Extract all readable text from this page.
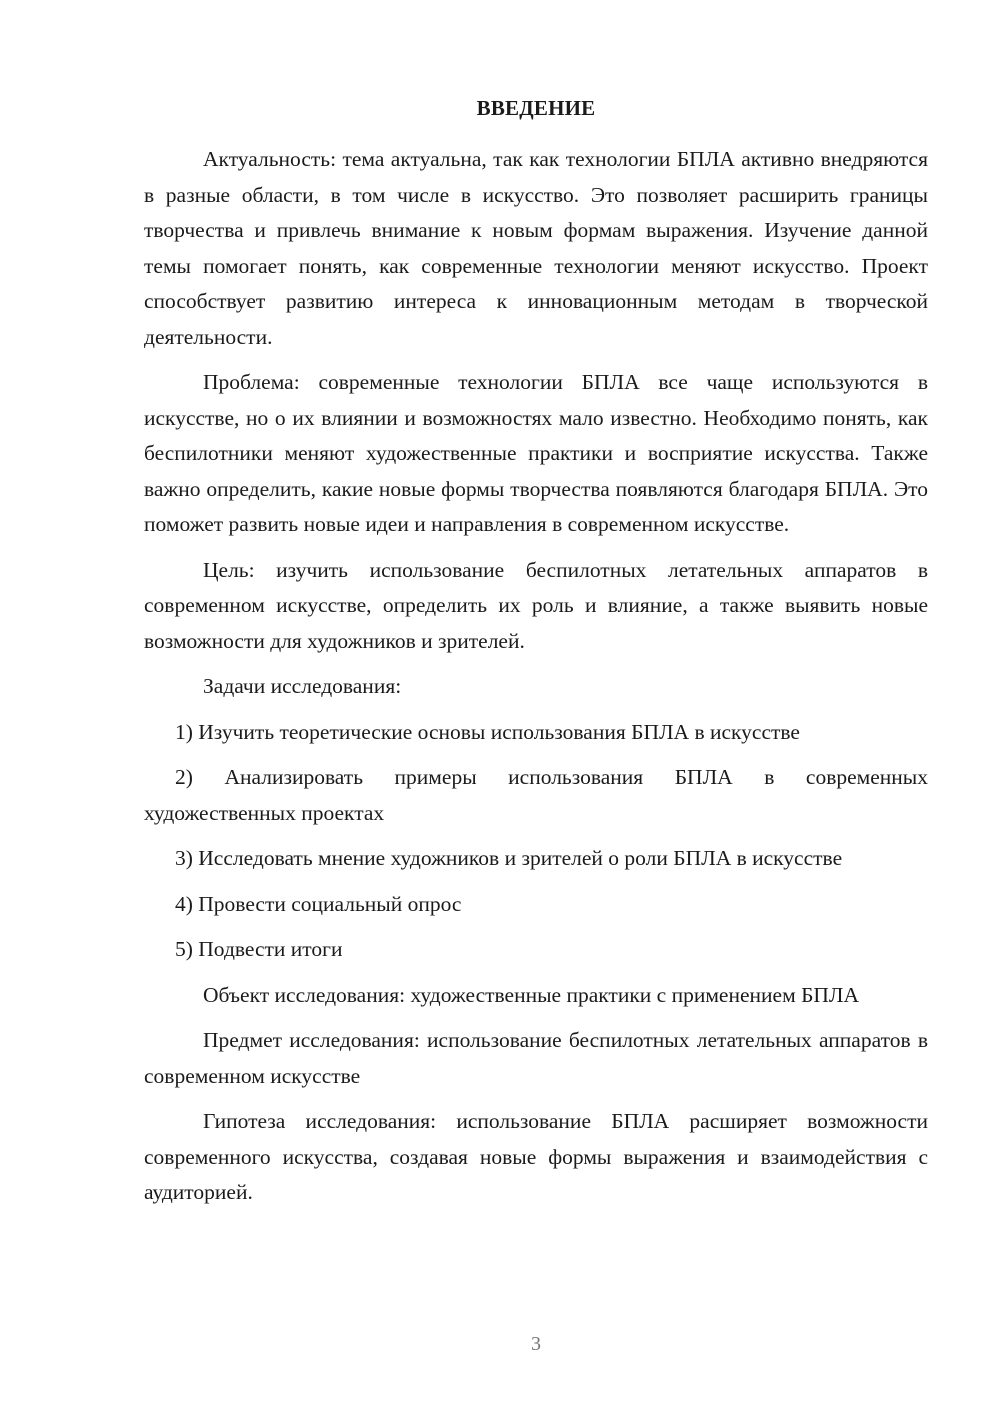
ВВЕДЕНИЕ

Актуальность: тема актуальна, так как технологии БПЛА активно внедряются в разные области, в том числе в искусство. Это позволяет расширить границы творчества и привлечь внимание к новым формам выражения. Изучение данной темы помогает понять, как современные технологии меняют искусство. Проект способствует развитию интереса к инновационным методам в творческой деятельности.

Проблема: современные технологии БПЛА все чаще используются в искусстве, но о их влиянии и возможностях мало известно. Необходимо понять, как беспилотники меняют художественные практики и восприятие искусства. Также важно определить, какие новые формы творчества появляются благодаря БПЛА. Это поможет развить новые идеи и направления в современном искусстве.

Цель: изучить использование беспилотных летательных аппаратов в современном искусстве, определить их роль и влияние, а также выявить новые возможности для художников и зрителей.

Задачи исследования:

1) Изучить теоретические основы использования БПЛА в искусстве

2) Анализировать примеры использования БПЛА в современных художественных проектах

3) Исследовать мнение художников и зрителей о роли БПЛА в искусстве

4) Провести социальный опрос

5) Подвести итоги

Объект исследования: художественные практики с применением БПЛА

Предмет исследования: использование беспилотных летательных аппаратов в современном искусстве

Гипотеза исследования: использование БПЛА расширяет возможности современного искусства, создавая новые формы выражения и взаимодействия с аудиторией.

3
